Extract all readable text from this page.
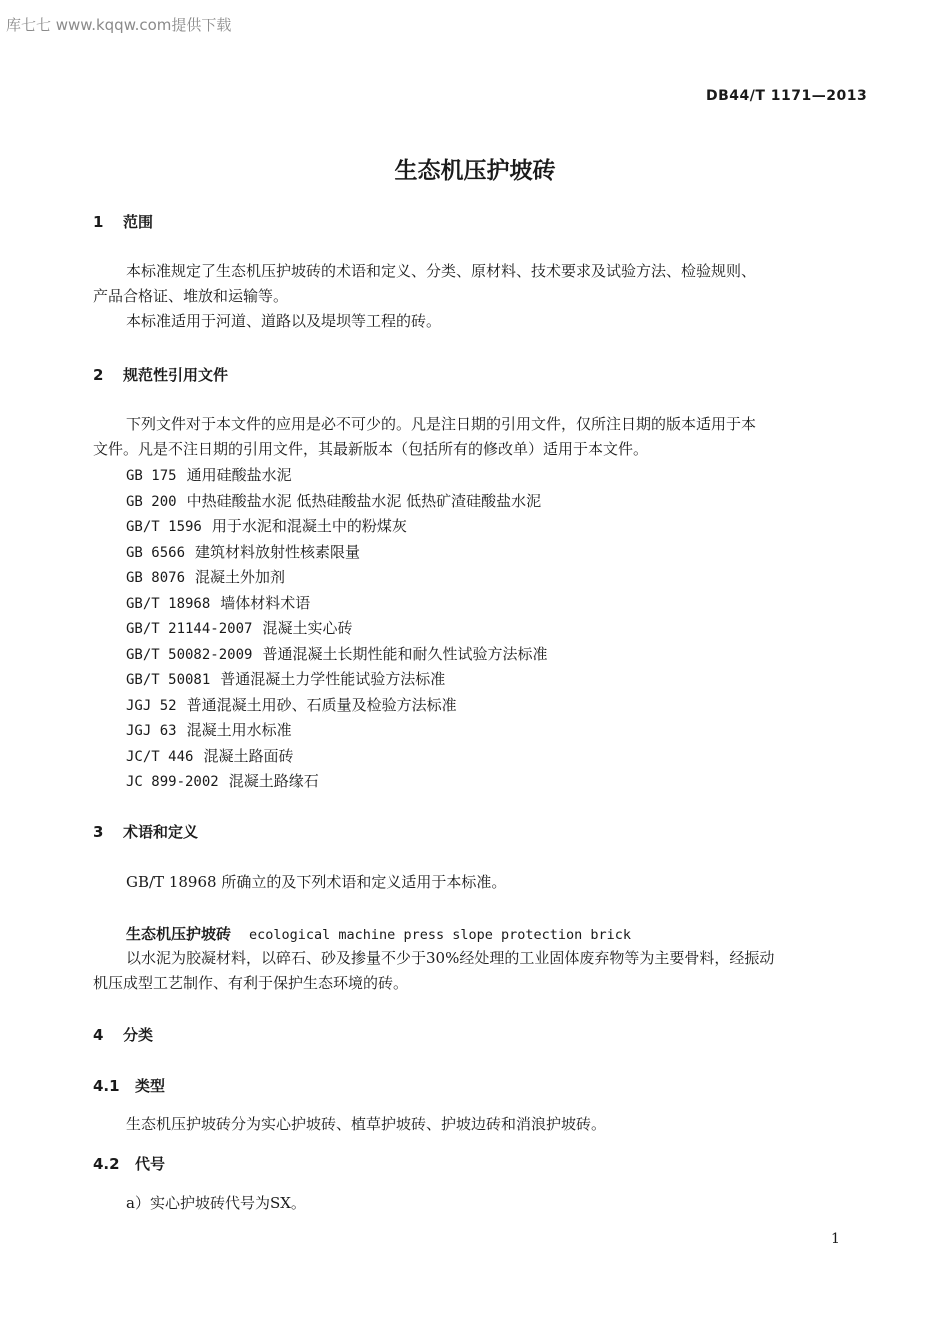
库七七 www.kqqw.com提供下载
DB44/T 1171—2013
生态机压护坡砖
1 范围
本标准规定了生态机压护坡砖的术语和定义、分类、原材料、技术要求及试验方法、检验规则、
产品合格证、堆放和运输等。
本标准适用于河道、道路以及堤坝等工程的砖。
2 规范性引用文件
下列文件对于本文件的应用是必不可少的。凡是注日期的引用文件，仅所注日期的版本适用于本
文件。凡是不注日期的引用文件，其最新版本（包括所有的修改单）适用于本文件。
GB 175 通用硅酸盐水泥
GB 200 中热硅酸盐水泥 低热硅酸盐水泥 低热矿渣硅酸盐水泥
GB/T 1596 用于水泥和混凝土中的粉煤灰
GB 6566 建筑材料放射性核素限量
GB 8076 混凝土外加剂
GB/T 18968 墙体材料术语
GB/T 21144-2007 混凝土实心砖
GB/T 50082-2009 普通混凝土长期性能和耐久性试验方法标准
GB/T 50081 普通混凝土力学性能试验方法标准
JGJ 52 普通混凝土用砂、石质量及检验方法标准
JGJ 63 混凝土用水标准
JC/T 446 混凝土路面砖
JC 899-2002 混凝土路缘石
3 术语和定义
GB/T 18968 所确立的及下列术语和定义适用于本标准。
生态机压护坡砖 ecological machine press slope protection brick
以水泥为胶凝材料，以碎石、砂及掺量不少于30%经处理的工业固体废弃物等为主要骨料，经振动
机压成型工艺制作、有利于保护生态环境的砖。
4 分类
4.1 类型
生态机压护坡砖分为实心护坡砖、植草护坡砖、护坡边砖和消浪护坡砖。
4.2 代号
a）实心护坡砖代号为SX。
1
